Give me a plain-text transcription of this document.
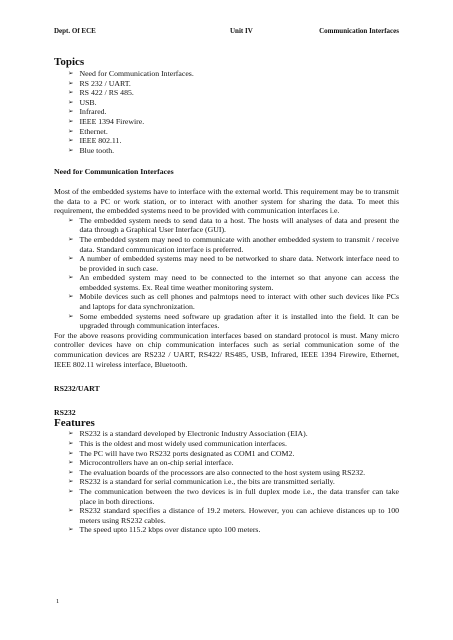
Dept. Of ECE	Unit IV	Communication Interfaces
Topics
➢ Need for Communication Interfaces.
➢ RS 232 / UART.
➢ RS 422 / RS 485.
➢ USB.
➢ Infrared.
➢ IEEE 1394 Firewire.
➢ Ethernet.
➢ IEEE 802.11.
➢ Blue tooth.
Need for Communication Interfaces

Most of the embedded systems have to interface with the external world. This requirement may be to transmit the data to a PC or work station, or to interact with another system for sharing the data. To meet this requirement, the embedded systems need to be provided with communication interfaces i.e.

➢ The embedded system needs to send data to a host. The hosts will analyses of data and present the data through a Graphical User Interface (GUI).
➢ The embedded system may need to communicate with another embedded system to transmit / receive data. Standard communication interface is preferred.
➢ A number of embedded systems may need to be networked to share data. Network interface need to be provided in such case.
➢ An embedded system may need to be connected to the internet so that anyone can access the embedded systems. Ex. Real time weather monitoring system.
➢ Mobile devices such as cell phones and palmtops need to interact with other such devices like PCs and laptops for data synchronization.
➢ Some embedded systems need software up gradation after it is installed into the field. It can be upgraded through communication interfaces.

For the above reasons providing communication interfaces based on standard protocol is must. Many micro controller devices have on chip communication interfaces such as serial communication some of the communication devices are RS232 / UART, RS422/ RS485, USB, Infrared, IEEE 1394 Firewire, Ethernet, IEEE 802.11 wireless interface, Bluetooth.

RS232/UART
RS232
Features
➢ RS232 is a standard developed by Electronic Industry Association (EIA).
➢ This is the oldest and most widely used communication interfaces.
➢ The PC will have two RS232 ports designated as COM1 and COM2.
➢ Microcontrollers have an on-chip serial interface.
➢ The evaluation boards of the processors are also connected to the host system using RS232.
➢ RS232 is a standard for serial communication i.e., the bits are transmitted serially.
➢ The communication between the two devices is in full duplex mode i.e., the data transfer can take place in both directions.
➢ RS232 standard specifies a distance of 19.2 meters. However, you can achieve distances up to 100 meters using RS232 cables.
➢ The speed upto 115.2 kbps over distance upto 100 meters.
1
